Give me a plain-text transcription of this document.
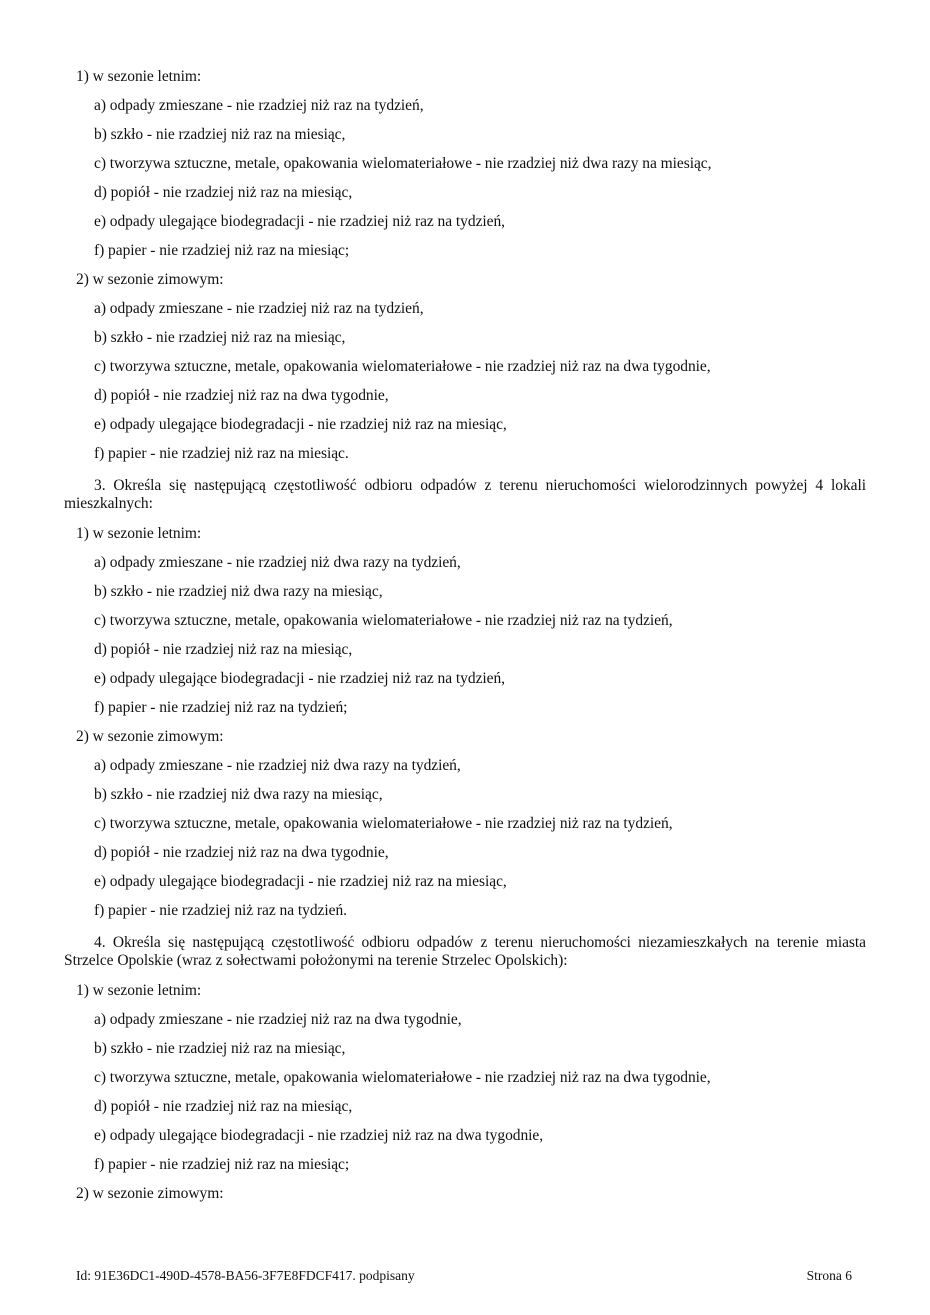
1) w sezonie letnim:
a) odpady zmieszane - nie rzadziej niż raz na tydzień,
b) szkło - nie rzadziej niż raz na miesiąc,
c) tworzywa sztuczne, metale, opakowania wielomateriałowe - nie rzadziej niż dwa razy na miesiąc,
d) popiół - nie rzadziej niż raz na miesiąc,
e) odpady ulegające biodegradacji - nie rzadziej niż raz na tydzień,
f) papier - nie rzadziej niż raz na miesiąc;
2) w sezonie zimowym:
a) odpady zmieszane - nie rzadziej niż raz na tydzień,
b) szkło - nie rzadziej niż raz na miesiąc,
c) tworzywa sztuczne, metale, opakowania wielomateriałowe - nie rzadziej niż raz na dwa tygodnie,
d) popiół - nie rzadziej niż raz na dwa tygodnie,
e) odpady ulegające biodegradacji - nie rzadziej niż raz na miesiąc,
f) papier - nie rzadziej niż raz na miesiąc.
3. Określa się następującą częstotliwość odbioru odpadów z terenu nieruchomości wielorodzinnych powyżej 4 lokali mieszkalnych:
1) w sezonie letnim:
a) odpady zmieszane - nie rzadziej niż dwa razy na tydzień,
b) szkło - nie rzadziej niż dwa razy na miesiąc,
c) tworzywa sztuczne, metale, opakowania wielomateriałowe - nie rzadziej niż raz na tydzień,
d) popiół - nie rzadziej niż raz na miesiąc,
e) odpady ulegające biodegradacji - nie rzadziej niż raz na tydzień,
f) papier - nie rzadziej niż raz na tydzień;
2) w sezonie zimowym:
a) odpady zmieszane - nie rzadziej niż dwa razy na tydzień,
b) szkło - nie rzadziej niż dwa razy na miesiąc,
c) tworzywa sztuczne, metale, opakowania wielomateriałowe - nie rzadziej niż raz na tydzień,
d) popiół - nie rzadziej niż raz na dwa tygodnie,
e) odpady ulegające biodegradacji - nie rzadziej niż raz na miesiąc,
f) papier - nie rzadziej niż raz na tydzień.
4. Określa się następującą częstotliwość odbioru odpadów z terenu nieruchomości niezamieszkałych na terenie miasta Strzelce Opolskie (wraz z sołectwami położonymi na terenie Strzelec Opolskich):
1) w sezonie letnim:
a) odpady zmieszane - nie rzadziej niż raz na dwa tygodnie,
b) szkło - nie rzadziej niż raz na miesiąc,
c) tworzywa sztuczne, metale, opakowania wielomateriałowe - nie rzadziej niż raz na dwa tygodnie,
d) popiół - nie rzadziej niż raz na miesiąc,
e) odpady ulegające biodegradacji - nie rzadziej niż raz na dwa tygodnie,
f) papier - nie rzadziej niż raz na miesiąc;
2) w sezonie zimowym:
Id: 91E36DC1-490D-4578-BA56-3F7E8FDCF417. podpisany	Strona 6
